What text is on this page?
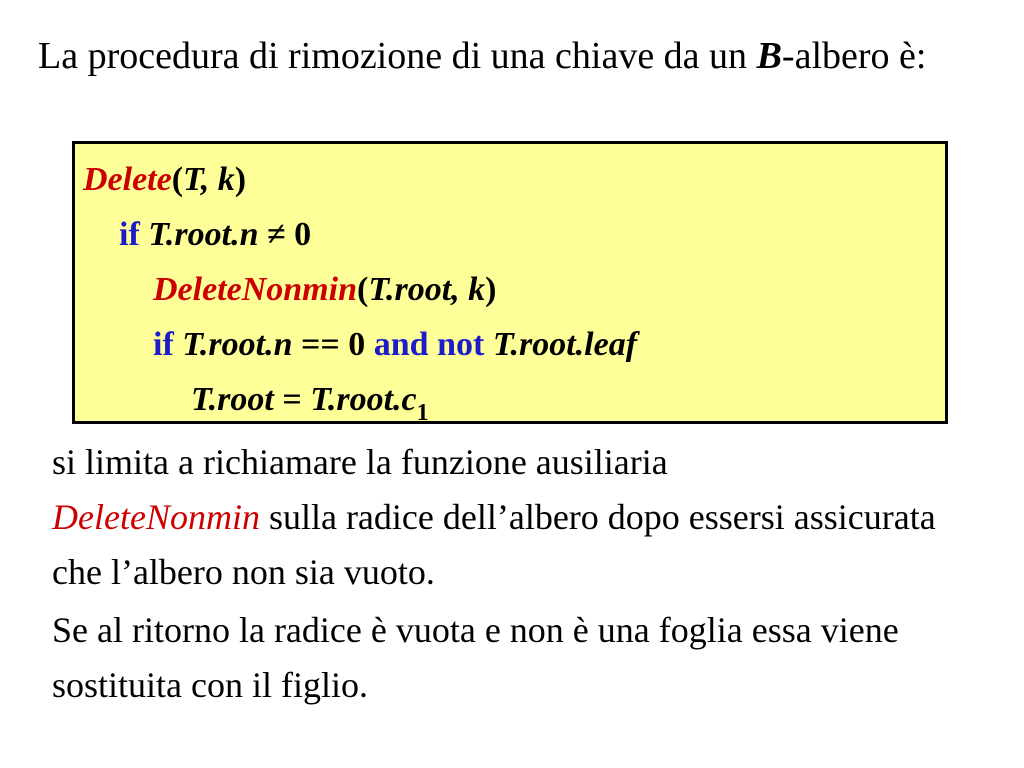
La procedura di rimozione di una chiave da un B-albero è:

Delete(T, k)
if T.root.n ≠ 0
DeleteNonmin(T.root, k)
if T.root.n == 0 and not T.root.leaf
T.root = $T.root.c_1$

si limita a richiamare la funzione ausiliaria
DeleteNonmin sulla radice dell’albero dopo essersi assicurata che l’albero non sia vuoto.

Se al ritorno la radice è vuota e non è una foglia essa viene sostituita con il figlio.
